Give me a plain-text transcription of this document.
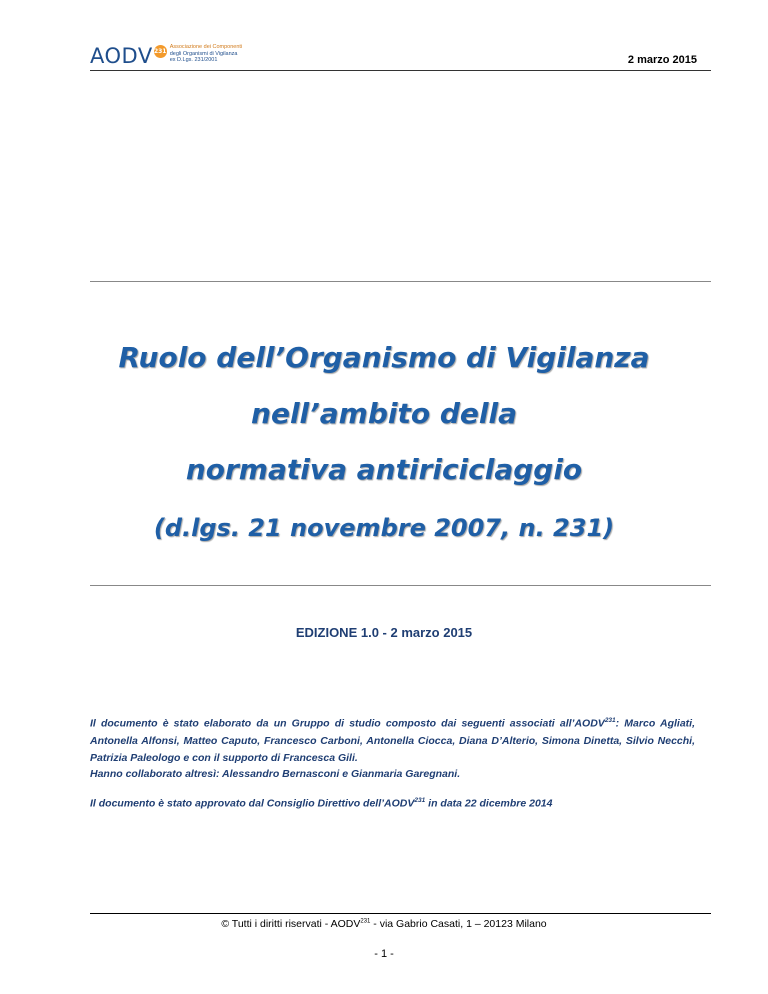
AODV 231
Associazione dei Componenti
degli Organismi di Vigilanza
ex D.Lgs. 231/2001	2 marzo 2015
Ruolo dell’Organismo di Vigilanza
nell’ambito della
normativa antiriciclaggio
(d.lgs. 21 novembre 2007, n. 231)
EDIZIONE 1.0 - 2 marzo 2015
Il documento è stato elaborato da un Gruppo di studio composto dai seguenti associati all’AODV$^{231}$: Marco Agliati, Antonella Alfonsi, Matteo Caputo, Francesco Carboni, Antonella Ciocca, Diana D’Alterio, Simona Dinetta, Silvio Necchi, Patrizia Paleologo e con il supporto di Francesca Gili.
Hanno collaborato altresì: Alessandro Bernasconi e Gianmaria Garegnani.
Il documento è stato approvato dal Consiglio Direttivo dell’AODV$^{231}$ in data 22 dicembre 2014
© Tutti i diritti riservati - AODV$^{231}$ - via Gabrio Casati, 1 – 20123 Milano
- 1 -
